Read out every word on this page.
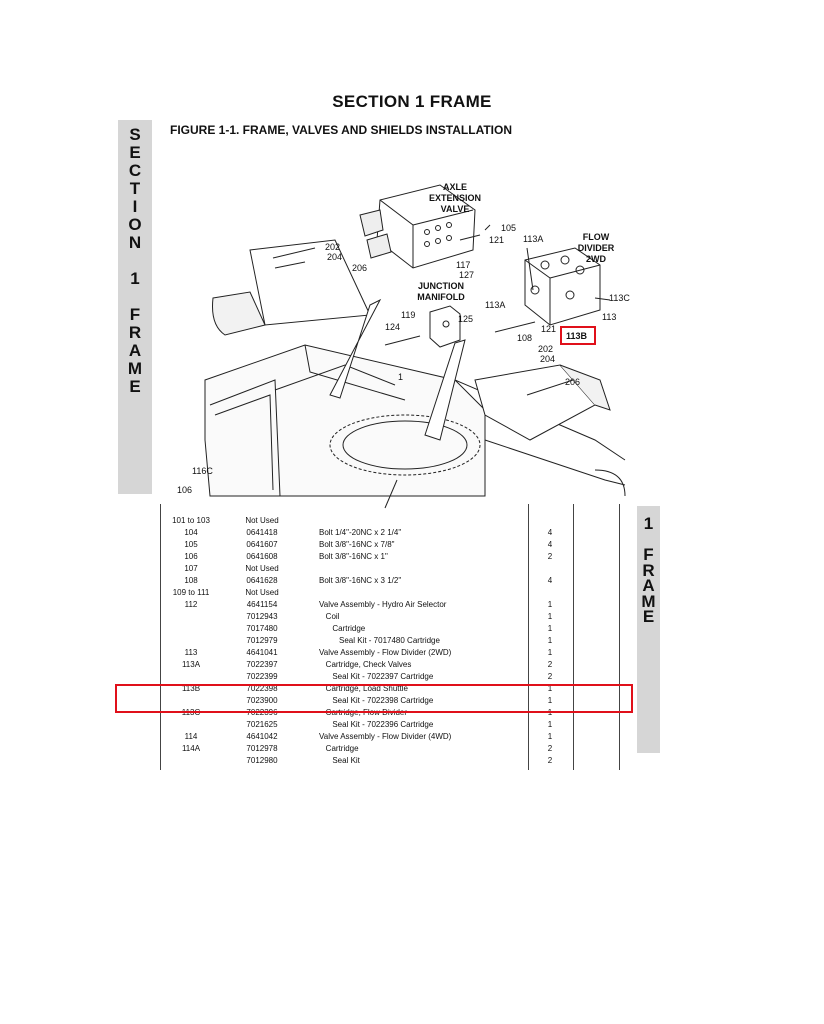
SECTION 1 FRAME
S
E
C
T
I
O
N
1
F
R
A
M
E
1
F
R
A
M
E
FIGURE 1-1. FRAME, VALVES AND SHIELDS INSTALLATION
AXLE
EXTENSION
VALVE
FLOW
DIVIDER
2WD
JUNCTION
MANIFOLD
105
121 113A
202
204
206	117
127
113C
113A
113
119	125
124	121
113B
108
202
204
1	206
116C
106
101 to 103	Not Used
104	0641418	Bolt 1/4"-20NC x 2 1/4"	4
105	0641607	Bolt 3/8"-16NC x 7/8"	4
106	0641608	Bolt 3/8"-16NC x 1"	2
107	Not Used
108	0641628	Bolt 3/8"-16NC x 3 1/2"	4
109 to 111	Not Used
112	4641154	Valve Assembly - Hydro Air Selector	1
7012943	Coil	1
7017480	Cartridge	1
7012979	Seal Kit - 7017480 Cartridge	1
113	4641041	Valve Assembly - Flow Divider (2WD)	1
113A	7022397	Cartridge, Check Valves	2
7022399	Seal Kit - 7022397 Cartridge	2
113B	7022398	Cartridge, Load Shuttle	1
7023900	Seal Kit - 7022398 Cartridge	1
113C	7022396	Cartridge, Flow Divider	1
7021625	Seal Kit - 7022396 Cartridge	1
114	4641042	Valve Assembly - Flow Divider (4WD)	1
114A	7012978	Cartridge	2
7012980	Seal Kit	2
